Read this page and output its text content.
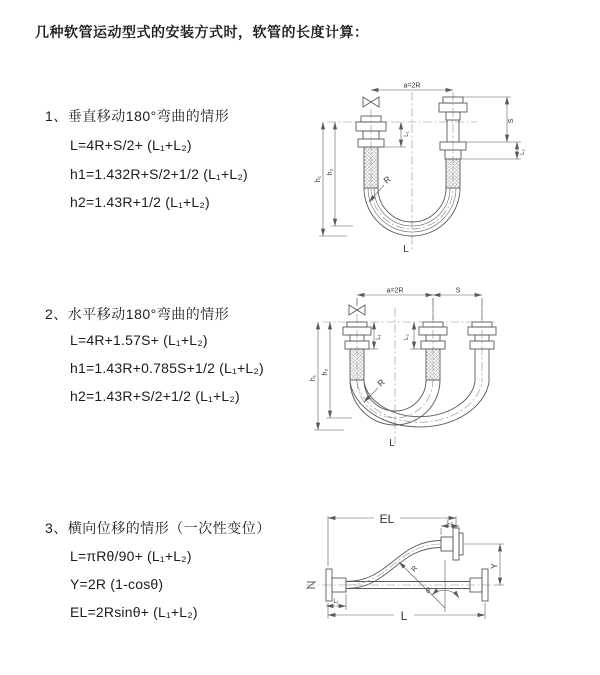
几种软管运动型式的安装方式时，软管的长度计算：
1、垂直移动180°弯曲的情形
L=4R+S/2+ (L₁+L₂)
h1=1.432R+S/2+1/2 (L₁+L₂)
h2=1.43R+1/2 (L₁+L₂)
a=2R
S
L₂
h₁
h₂
L₁
R
L
2、水平移动180°弯曲的情形
L=4R+1.57S+ (L₁+L₂)
h1=1.43R+0.785S+1/2 (L₁+L₂)
h2=1.43R+S/2+1/2 (L₁+L₂)
a=2R	S
h₁
h₂
L₁	L₂
R
L
3、横向位移的情形（一次性变位）
L=πRθ/90+ (L₁+L₂)
Y=2R (1-cosθ)
EL=2Rsinθ+ (L₁+L₂)
EL	L₂
Y
R
θ
L
L₁
